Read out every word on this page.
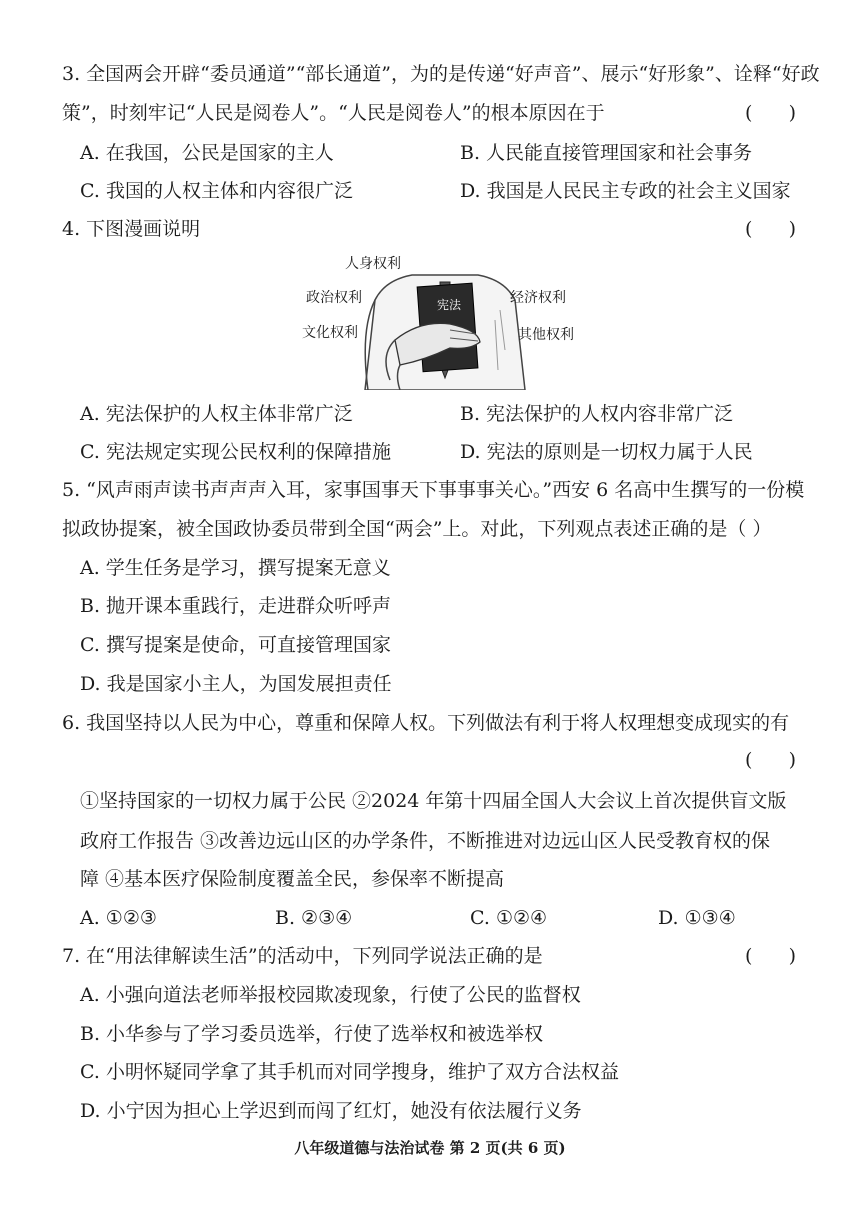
3. 全国两会开辟“委员通道”“部长通道”，为的是传递“好声音”、展示“好形象”、诠释“好政
策”，时刻牢记“人民是阅卷人”。“人民是阅卷人”的根本原因在于	(      )
A. 在我国，公民是国家的主人	B. 人民能直接管理国家和社会事务
C. 我国的人权主体和内容很广泛	D. 我国是人民民主专政的社会主义国家
4. 下图漫画说明	(      )
宪法
人身权利
政治权利
文化权利
经济权利
其他权利
A. 宪法保护的人权主体非常广泛	B. 宪法保护的人权内容非常广泛
C. 宪法规定实现公民权利的保障措施	D. 宪法的原则是一切权力属于人民
5. “风声雨声读书声声声入耳，家事国事天下事事事关心。”西安 6 名高中生撰写的一份模
拟政协提案，被全国政协委员带到全国“两会”上。对此，下列观点表述正确的是（ ）
A. 学生任务是学习，撰写提案无意义
B. 抛开课本重践行，走进群众听呼声
C. 撰写提案是使命，可直接管理国家
D. 我是国家小主人，为国发展担责任
6. 我国坚持以人民为中心，尊重和保障人权。下列做法有利于将人权理想变成现实的有
(      )
①坚持国家的一切权力属于公民 ②2024 年第十四届全国人大会议上首次提供盲文版
政府工作报告 ③改善边远山区的办学条件，不断推进对边远山区人民受教育权的保
障 ④基本医疗保险制度覆盖全民，参保率不断提高
A. ①②③	B. ②③④	C. ①②④	D. ①③④
7. 在“用法律解读生活”的活动中，下列同学说法正确的是	(      )
A. 小强向道法老师举报校园欺凌现象，行使了公民的监督权
B. 小华参与了学习委员选举，行使了选举权和被选举权
C. 小明怀疑同学拿了其手机而对同学搜身，维护了双方合法权益
D. 小宁因为担心上学迟到而闯了红灯，她没有依法履行义务
八年级道德与法治试卷 第 2 页(共 6 页)
